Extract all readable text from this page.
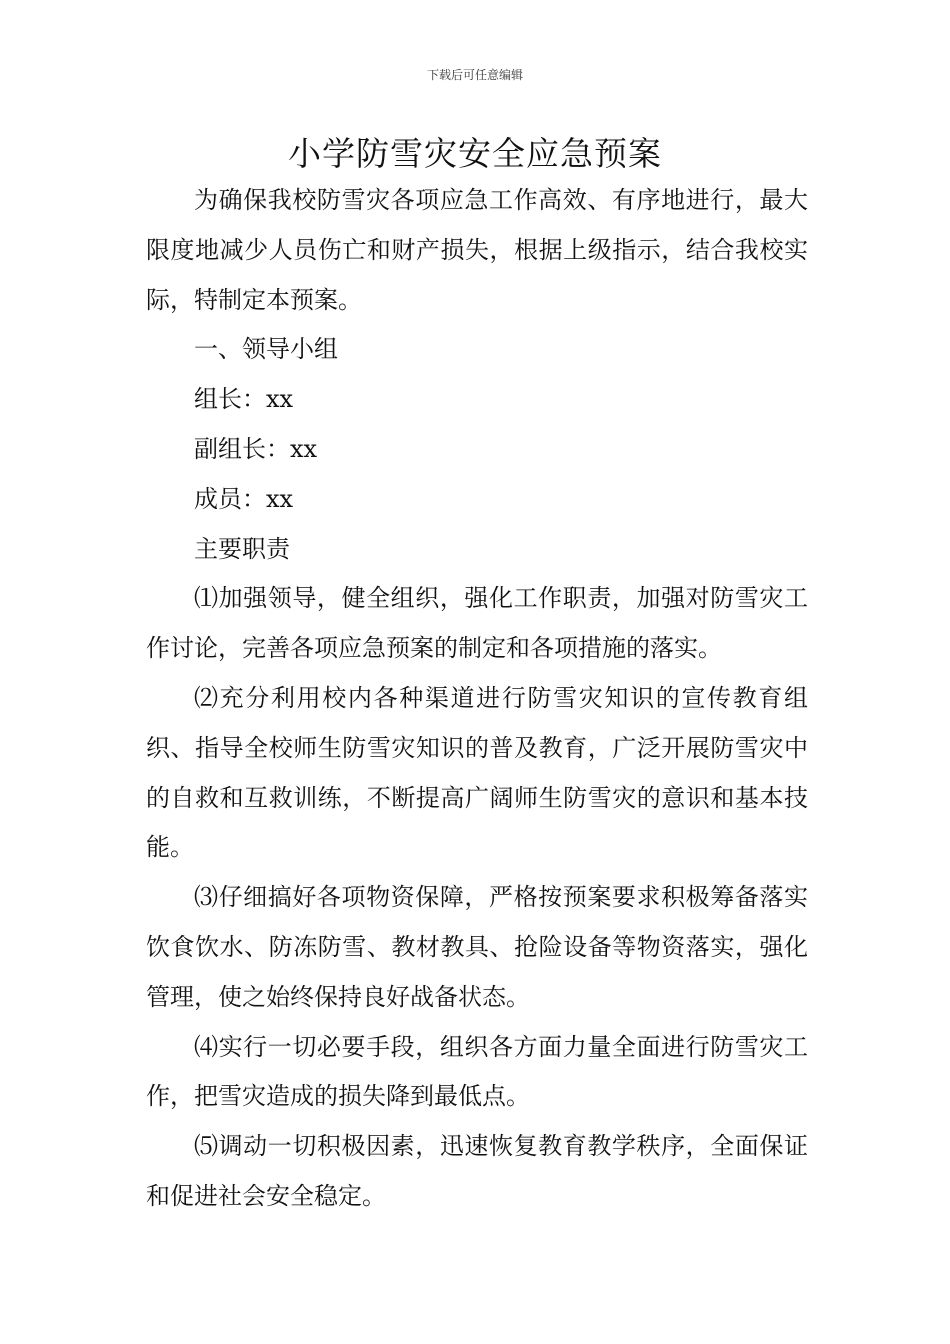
下载后可任意编辑
小学防雪灾安全应急预案

为确保我校防雪灾各项应急工作高效、有序地进行，最大限度地减少人员伤亡和财产损失，根据上级指示，结合我校实际，特制定本预案。

一、领导小组

组长：xx

副组长：xx

成员：xx

主要职责

⑴加强领导，健全组织，强化工作职责，加强对防雪灾工作讨论，完善各项应急预案的制定和各项措施的落实。

⑵充分利用校内各种渠道进行防雪灾知识的宣传教育组织、指导全校师生防雪灾知识的普及教育，广泛开展防雪灾中的自救和互救训练，不断提高广阔师生防雪灾的意识和基本技能。

⑶仔细搞好各项物资保障，严格按预案要求积极筹备落实饮食饮水、防冻防雪、教材教具、抢险设备等物资落实，强化管理，使之始终保持良好战备状态。

⑷实行一切必要手段，组织各方面力量全面进行防雪灾工作，把雪灾造成的损失降到最低点。

⑸调动一切积极因素，迅速恢复教育教学秩序，全面保证和促进社会安全稳定。
